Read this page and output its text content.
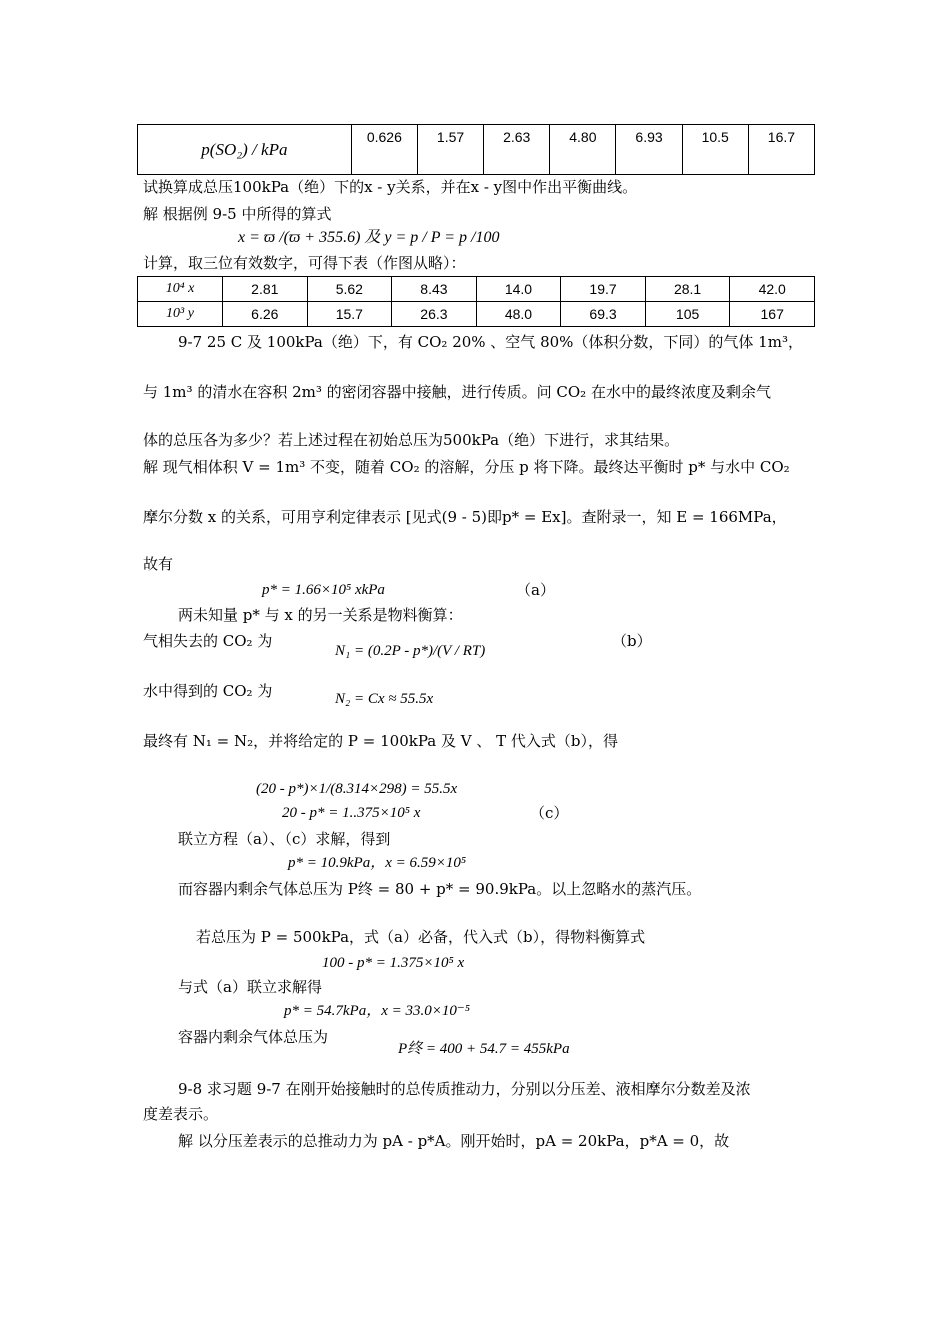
p(SO₂) / kPa	0.626	1.57	2.63	4.80	6.93	10.5	16.7
试换算成总压100kPa（绝）下的x - y关系，并在x - y图中作出平衡曲线。
解 根据例 9-5 中所得的算式
x = ϖ /(ϖ + 355.6) 及 y = p / P = p /100
计算，取三位有效数字，可得下表（作图从略）：
10⁴ x	2.81	5.62	8.43	14.0	19.7	28.1	42.0
10³ y	6.26	15.7	26.3	48.0	69.3	105	167
9-7 25 C 及 100kPa（绝）下，有 CO₂ 20% 、空气 80%（体积分数，下同）的气体 1m³，
与 1m³ 的清水在容积 2m³ 的密闭容器中接触，进行传质。问 CO₂ 在水中的最终浓度及剩余气
体的总压各为多少？若上述过程在初始总压为500kPa（绝）下进行，求其结果。
解 现气相体积 V = 1m³ 不变，随着 CO₂ 的溶解，分压 p 将下降。最终达平衡时 p* 与水中 CO₂
摩尔分数 x 的关系，可用亨利定律表示 [见式(9 - 5)即p* = Ex]。查附录一，知 E = 166MPa，
故有
p* = 1.66×10⁵ xkPa	（a）
两未知量 p* 与 x 的另一关系是物料衡算：
气相失去的 CO₂ 为
N₁ = (0.2P - p*)/(V / RT)
（b）
水中得到的 CO₂ 为	N₂ = Cx ≈ 55.5x
最终有 N₁ = N₂，并将给定的 P = 100kPa 及 V 、 T 代入式（b），得
(20 - p*)×1/(8.314×298) = 55.5x
20 - p* = 1..375×10⁵ x	（c）
联立方程（a）、（c）求解，得到
p* = 10.9kPa，x = 6.59×10⁵
而容器内剩余气体总压为 P终 = 80 + p* = 90.9kPa。以上忽略水的蒸汽压。
若总压为 P = 500kPa，式（a）必备，代入式（b），得物料衡算式
100 - p* = 1.375×10⁵ x
与式（a）联立求解得
p* = 54.7kPa，x = 33.0×10⁻⁵
容器内剩余气体总压为
P终 = 400 + 54.7 = 455kPa
9-8 求习题 9-7 在刚开始接触时的总传质推动力，分别以分压差、液相摩尔分数差及浓
度差表示。
解 以分压差表示的总推动力为 pA - p*A。刚开始时，pA = 20kPa，p*A = 0，故
